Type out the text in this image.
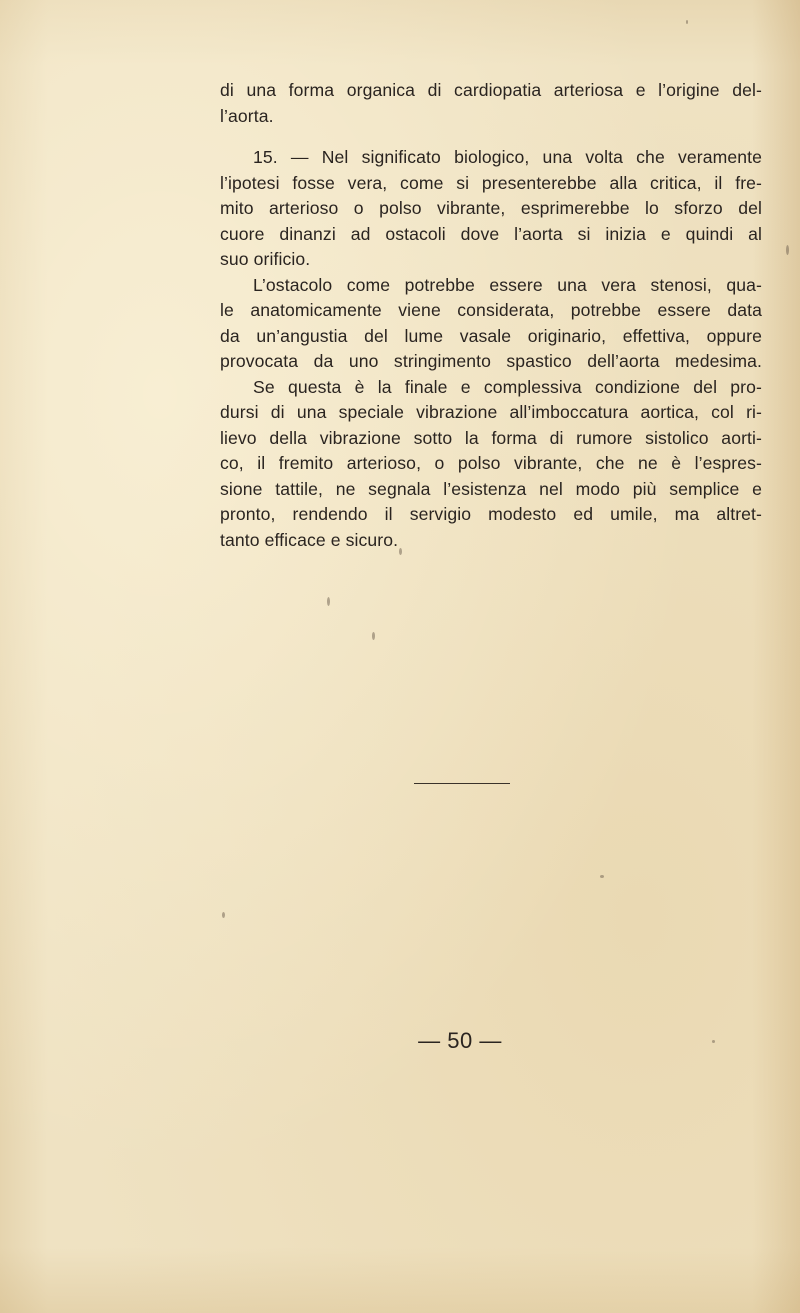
di una forma organica di cardiopatia arteriosa e l’origine del-
l’aorta.
15. — Nel significato biologico, una volta che veramente
l’ipotesi fosse vera, come si presenterebbe alla critica, il fre-
mito arterioso o polso vibrante, esprimerebbe lo sforzo del
cuore dinanzi ad ostacoli dove l’aorta si inizia e quindi al
suo orificio.
L’ostacolo come potrebbe essere una vera stenosi, qua-
le anatomicamente viene considerata, potrebbe essere data
da un’angustia del lume vasale originario, effettiva, oppure
provocata da uno stringimento spastico dell’aorta medesima.
Se questa è la finale e complessiva condizione del pro-
dursi di una speciale vibrazione all’imboccatura aortica, col ri-
lievo della vibrazione sotto la forma di rumore sistolico aorti-
co, il fremito arterioso, o polso vibrante, che ne è l’espres-
sione tattile, ne segnala l’esistenza nel modo più semplice e
pronto, rendendo il servigio modesto ed umile, ma altret-
tanto efficace e sicuro.
— 50 —
